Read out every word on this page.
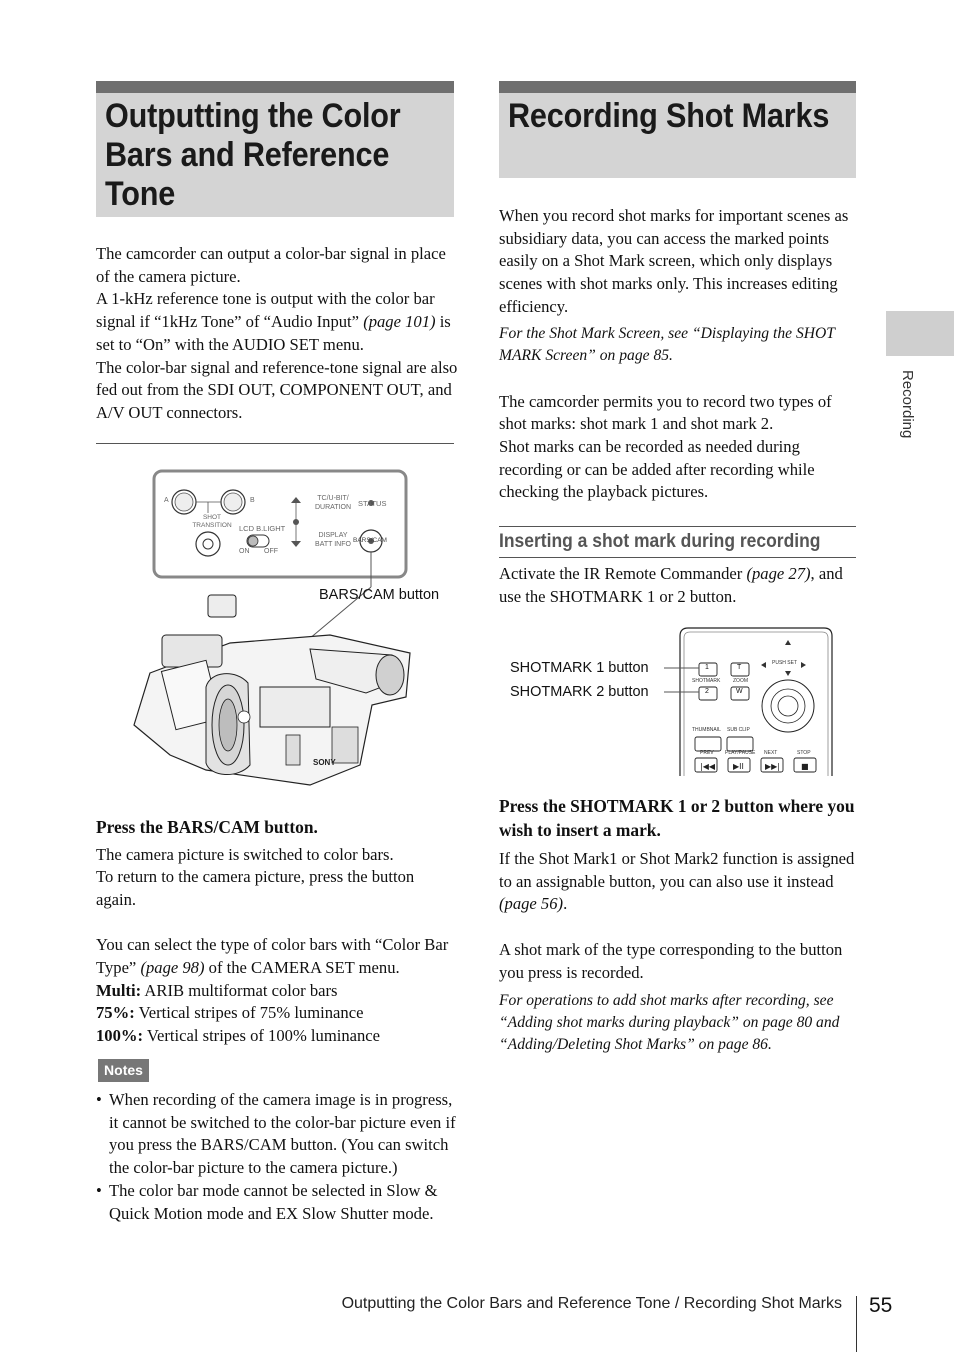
Outputting the Color Bars and Reference Tone
Recording Shot Marks

The camcorder can output a color-bar signal in place of the camera picture.

A 1-kHz reference tone is output with the color bar signal if “1kHz Tone” of “Audio Input” (page 101) is set to “On” with the AUDIO SET menu.

The color-bar signal and reference-tone signal are also fed out from the SDI OUT, COMPONENT OUT, and A/V OUT connectors.

SONY
A	B
SHOT TRANSITION LCD B.LIGHT
ON OFF
TC/U-BIT/ DURATION STATUS
DISPLAY BATT INFO
BARS/CAM
BARS/CAM button

Press the BARS/CAM button.

The camera picture is switched to color bars.

To return to the camera picture, press the button again.

You can select the type of color bars with “Color Bar Type” (page 98) of the CAMERA SET menu.

Multi: ARIB multiformat color bars

75%: Vertical stripes of 75% luminance

100%: Vertical stripes of 100% luminance

Notes
• When recording of the camera image is in progress, it cannot be switched to the color-bar picture even if you press the BARS/CAM button. (You can switch the color-bar picture to the camera picture.)
• The color bar mode cannot be selected in Slow & Quick Motion mode and EX Slow Shutter mode.

When you record shot marks for important scenes as subsidiary data, you can access the marked points easily on a Shot Mark screen, which only displays scenes with shot marks only. This increases editing efficiency.

For the Shot Mark Screen, see “Displaying the SHOT MARK Screen” on page 85.

The camcorder permits you to record two types of shot marks: shot mark 1 and shot mark 2.

Shot marks can be recorded as needed during recording or can be added after recording while checking the playback pictures.

Inserting a shot mark during recording

Activate the IR Remote Commander (page 27), and use the SHOTMARK 1 or 2 button.

|◀◀ ▶II	▶▶|	■
1
2
T
W
SHOTMARK	ZOOM
PUSH SET
THUMBNAIL SUB CLIP
PREV PLAY/PAUSE NEXT	STOP
SHOTMARK 1 button
SHOTMARK 2 button

Press the SHOTMARK 1 or 2 button where you wish to insert a mark.

If the Shot Mark1 or Shot Mark2 function is assigned to an assignable button, you can also use it instead (page 56).

A shot mark of the type corresponding to the button you press is recorded.

For operations to add shot marks after recording, see “Adding shot marks during playback” on page 80 and “Adding/Deleting Shot Marks” on page 86.

Recording
Outputting the Color Bars and Reference Tone / Recording Shot Marks 55
